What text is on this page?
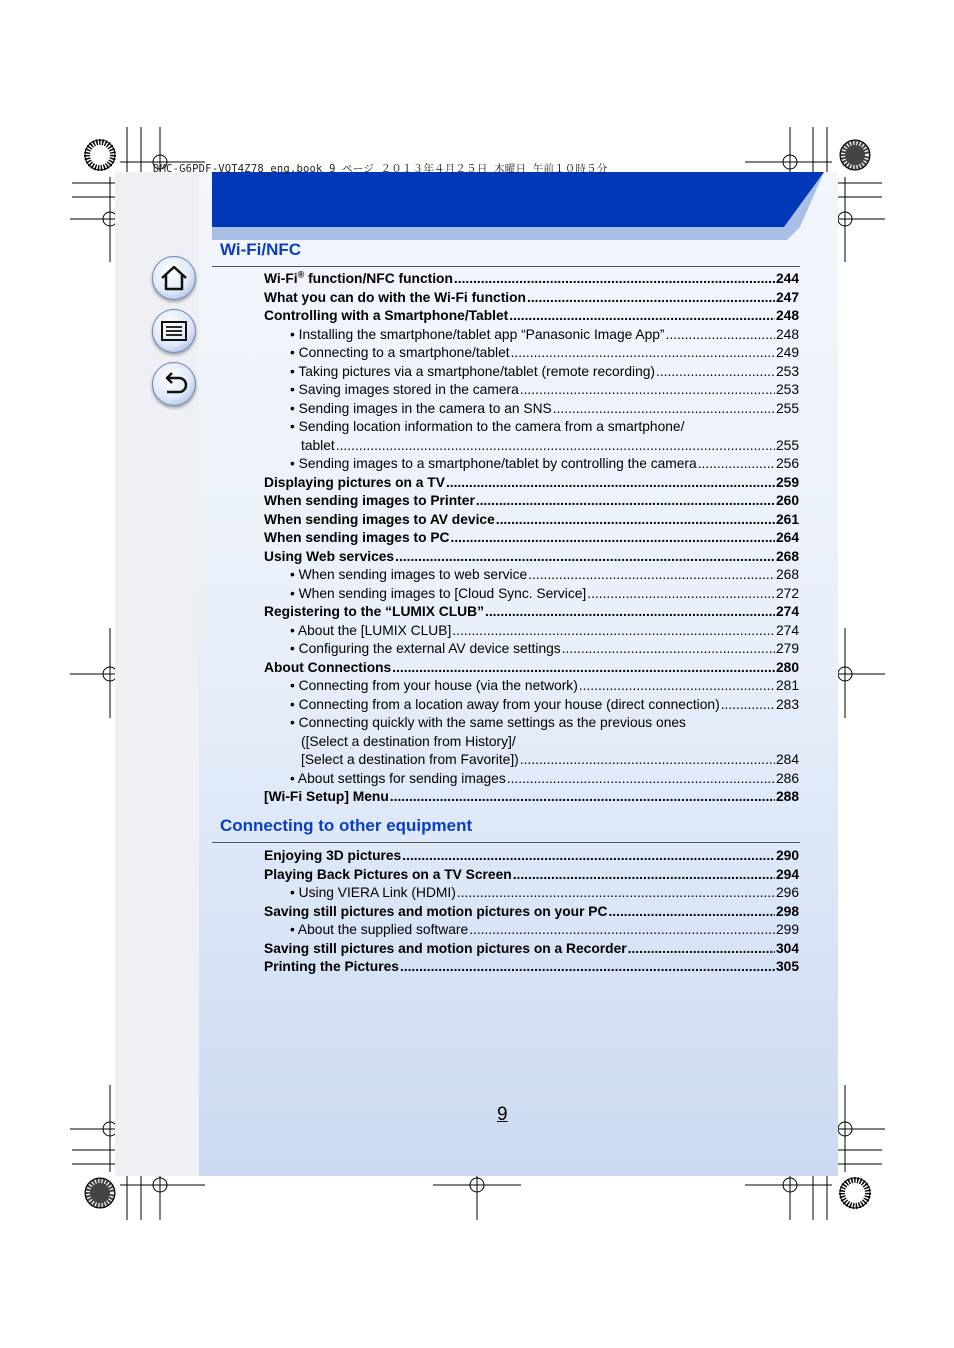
DMC-G6PDF-VQT4Z78_eng.book 9 ページ ２０１３年４月２５日 木曜日 午前１０時５分
Wi-Fi/NFC
Wi-Fi® function/NFC function .....	244
What you can do with the Wi-Fi function .....	247
Controlling with a Smartphone/Tablet .....	248
• Installing the smartphone/tablet app “Panasonic Image App” .....	248
• Connecting to a smartphone/tablet .....	249
• Taking pictures via a smartphone/tablet (remote recording) .....	253
• Saving images stored in the camera .....	253
• Sending images in the camera to an SNS .....	255
• Sending location information to the camera from a smartphone/
tablet .....	255
• Sending images to a smartphone/tablet by controlling the camera .....	256
Displaying pictures on a TV .....	259
When sending images to Printer .....	260
When sending images to AV device .....	261
When sending images to PC .....	264
Using Web services .....	268
• When sending images to web service .....	268
• When sending images to [Cloud Sync. Service] .....	272
Registering to the “LUMIX CLUB” .....	274
• About the [LUMIX CLUB] .....	274
• Configuring the external AV device settings .....	279
About Connections .....	280
• Connecting from your house (via the network) .....	281
• Connecting from a location away from your house (direct connection) .....	283
• Connecting quickly with the same settings as the previous ones
([Select a destination from History]/
[Select a destination from Favorite]) .....	284
• About settings for sending images .....	286
[Wi-Fi Setup] Menu .....	288
Connecting to other equipment
Enjoying 3D pictures .....	290
Playing Back Pictures on a TV Screen .....	294
• Using VIERA Link (HDMI) .....	296
Saving still pictures and motion pictures on your PC .....	298
• About the supplied software .....	299
Saving still pictures and motion pictures on a Recorder .....	304
Printing the Pictures .....	305
9
